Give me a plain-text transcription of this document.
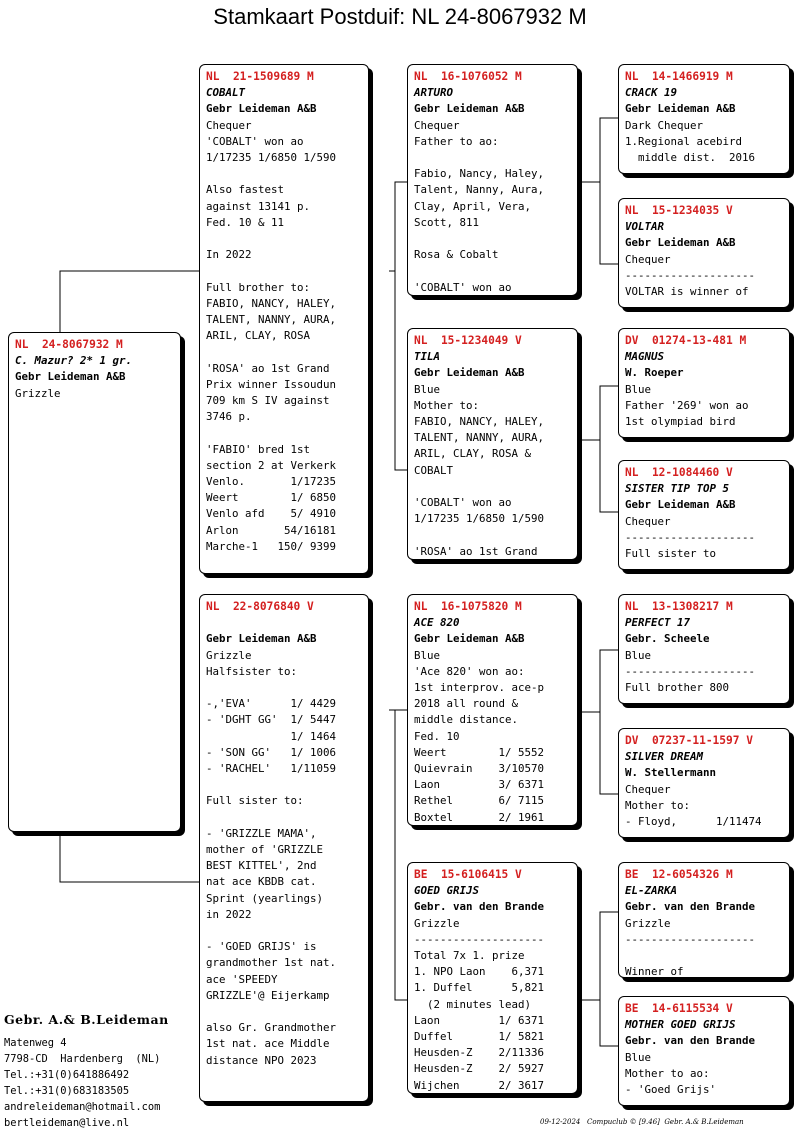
Stamkaart Postduif: NL 24-8067932 M
NL  24-8067932 M
C. Mazur? 2* 1 gr.
Gebr Leideman A&B
Grizzle
NL  21-1509689 M
COBALT
Gebr Leideman A&B
Chequer
'COBALT' won ao
1/17235 1/6850 1/590
Also fastest
against 13141 p.
Fed. 10 & 11
In 2022
Full brother to:
FABIO, NANCY, HALEY,
TALENT, NANNY, AURA,
ARIL, CLAY, ROSA
'ROSA' ao 1st Grand
Prix winner Issoudun
709 km S IV against
3746 p.
'FABIO' bred 1st
section 2 at Verkerk
Venlo.       1/17235
Weert        1/ 6850
Venlo afd    5/ 4910
Arlon       54/16181
Marche-1   150/ 9399
NL  22-8076840 V
Gebr Leideman A&B
Grizzle
Halfsister to:
-,'EVA'      1/ 4429
- 'DGHT GG'  1/ 5447
1/ 1464
- 'SON GG'   1/ 1006
- 'RACHEL'   1/11059
Full sister to:
- 'GRIZZLE MAMA',
mother of 'GRIZZLE
BEST KITTEL', 2nd
nat ace KBDB cat.
Sprint (yearlings)
in 2022
- 'GOED GRIJS' is
grandmother 1st nat.
ace 'SPEEDY
GRIZZLE'@ Eijerkamp
also Gr. Grandmother
1st nat. ace Middle
distance NPO 2023
NL  16-1076052 M
ARTURO
Gebr Leideman A&B
Chequer
Father to ao:
Fabio, Nancy, Haley,
Talent, Nanny, Aura,
Clay, April, Vera,
Scott, 811
Rosa & Cobalt
'COBALT' won ao
NL  15-1234049 V
TILA
Gebr Leideman A&B
Blue
Mother to:
FABIO, NANCY, HALEY,
TALENT, NANNY, AURA,
ARIL, CLAY, ROSA &
COBALT
'COBALT' won ao
1/17235 1/6850 1/590
'ROSA' ao 1st Grand
NL  16-1075820 M
ACE 820
Gebr Leideman A&B
Blue
'Ace 820' won ao:
1st interprov. ace-p
2018 all round &
middle distance.
Fed. 10
Weert        1/ 5552
Quievrain    3/10570
Laon         3/ 6371
Rethel       6/ 7115
Boxtel       2/ 1961
BE  15-6106415 V
GOED GRIJS
Gebr. van den Brande
Grizzle
--------------------
Total 7x 1. prize
1. NPO Laon    6,371
1. Duffel      5,821
(2 minutes lead)
Laon         1/ 6371
Duffel       1/ 5821
Heusden-Z    2/11336
Heusden-Z    2/ 5927
Wijchen      2/ 3617
NL  14-1466919 M
CRACK 19
Gebr Leideman A&B
Dark Chequer
1.Regional acebird
middle dist.  2016
NL  15-1234035 V
VOLTAR
Gebr Leideman A&B
Chequer
--------------------
VOLTAR is winner of
DV  01274-13-481 M
MAGNUS
W. Roeper
Blue
Father '269' won ao
1st olympiad bird
NL  12-1084460 V
SISTER TIP TOP 5
Gebr Leideman A&B
Chequer
--------------------
Full sister to
NL  13-1308217 M
PERFECT 17
Gebr. Scheele
Blue
--------------------
Full brother 800
DV  07237-11-1597 V
SILVER DREAM
W. Stellermann
Chequer
Mother to:
- Floyd,      1/11474
BE  12-6054326 M
EL-ZARKA
Gebr. van den Brande
Grizzle
--------------------
Winner of
BE  14-6115534 V
MOTHER GOED GRIJS
Gebr. van den Brande
Blue
Mother to ao:
- 'Goed Grijs'
Gebr. A.& B.Leideman
Matenweg 4
7798-CD  Hardenberg  (NL)
Tel.:+31(0)641886492
Tel.:+31(0)683183505
andreleideman@hotmail.com
bertleideman@live.nl	09-12-2024   Compuclub © [9.46]  Gebr. A.& B.Leideman
